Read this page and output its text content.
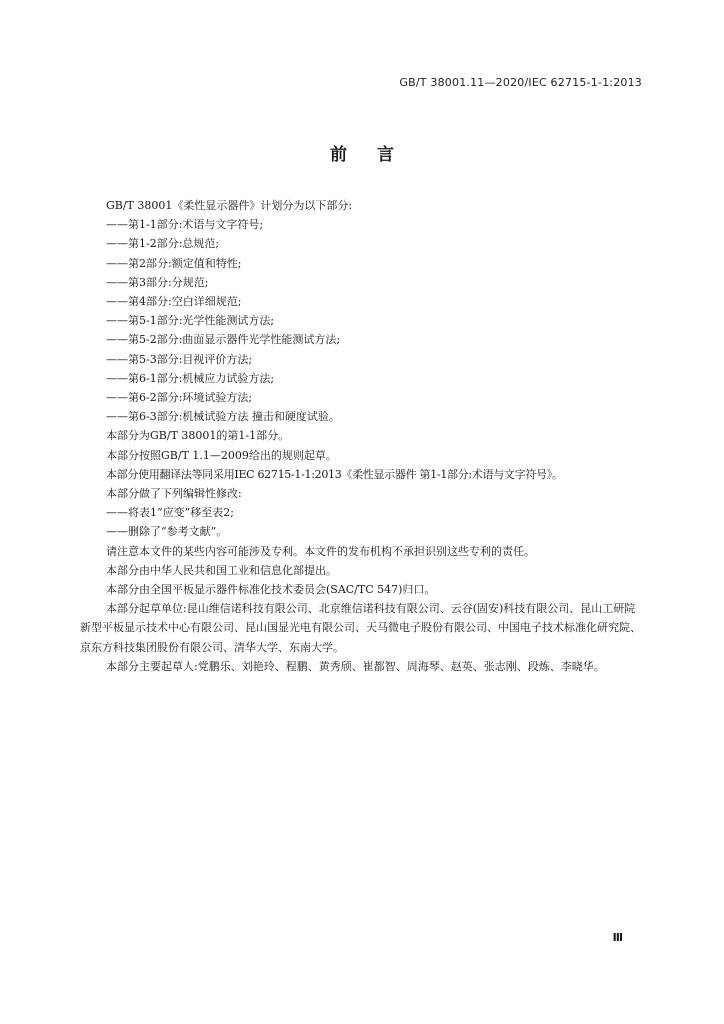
GB/T 38001.11—2020/IEC 62715-1-1:2013
前言

GB/T 38001《柔性显示器件》计划分为以下部分:

——第1-1部分:术语与文字符号;

——第1-2部分:总规范;

——第2部分:额定值和特性;

——第3部分:分规范;

——第4部分:空白详细规范;

——第5-1部分:光学性能测试方法;

——第5-2部分:曲面显示器件光学性能测试方法;

——第5-3部分:目视评价方法;

——第6-1部分:机械应力试验方法;

——第6-2部分:环境试验方法;

——第6-3部分:机械试验方法 撞击和硬度试验。

本部分为GB/T 38001的第1-1部分。

本部分按照GB/T 1.1—2009给出的规则起草。

本部分使用翻译法等同采用IEC 62715-1-1:2013《柔性显示器件 第1-1部分:术语与文字符号》。

本部分做了下列编辑性修改:

——将表1“应变”移至表2;

——删除了“参考文献”。

请注意本文件的某些内容可能涉及专利。本文件的发布机构不承担识别这些专利的责任。

本部分由中华人民共和国工业和信息化部提出。

本部分由全国平板显示器件标准化技术委员会(SAC/TC 547)归口。

本部分起草单位:昆山维信诺科技有限公司、北京维信诺科技有限公司、云谷(固安)科技有限公司、昆山工研院新型平板显示技术中心有限公司、昆山国显光电有限公司、天马微电子股份有限公司、中国电子技术标准化研究院、京东方科技集团股份有限公司、清华大学、东南大学。

本部分主要起草人:党鹏乐、刘艳玲、程鹏、黄秀颀、崔都智、周海琴、赵英、张志刚、段炼、李晓华。

Ⅲ
